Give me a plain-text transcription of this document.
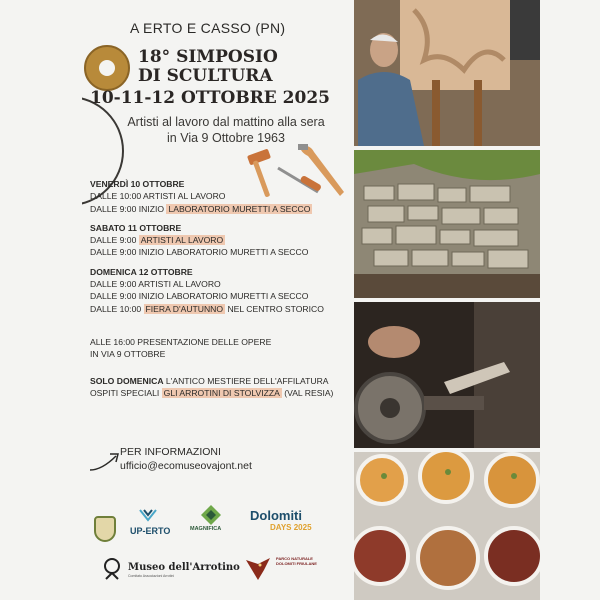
A ERTO E CASSO (PN)
18° SIMPOSIO
DI SCULTURA
10-11-12 OTTOBRE 2025
Artisti al lavoro dal mattino alla sera
in Via 9 Ottobre 1963
VENERDÌ 10 OTTOBRE
DALLE 10:00 ARTISTI AL LAVORO
DALLE 9:00 INIZIO LABORATORIO MURETTI A SECCO
SABATO 11 OTTOBRE
DALLE 9:00 ARTISTI AL LAVORO
DALLE 9:00 INIZIO LABORATORIO MURETTI A SECCO
DOMENICA 12 OTTOBRE
DALLE 9:00 ARTISTI AL LAVORO
DALLE 9:00 INIZIO LABORATORIO MURETTI A SECCO
DALLE 10:00 FIERA D'AUTUNNO NEL CENTRO STORICO
ALLE 16:00 PRESENTAZIONE DELLE OPERE
IN VIA 9 OTTOBRE
SOLO DOMENICA L'ANTICO MESTIERE DELL'AFFILATURA
OSPITI SPECIALI GLI ARROTINI DI STOLVIZZA (VAL RESIA)
PER INFORMAZIONI
ufficio@ecomuseovajont.net
UP-ERTO	MAGNIFICA
Dolomiti
DAYS 2025
Museo dell'Arrotino
Comitato Associazioni Arrotini
PARCO NATURALE DOLOMITI FRIULANE
